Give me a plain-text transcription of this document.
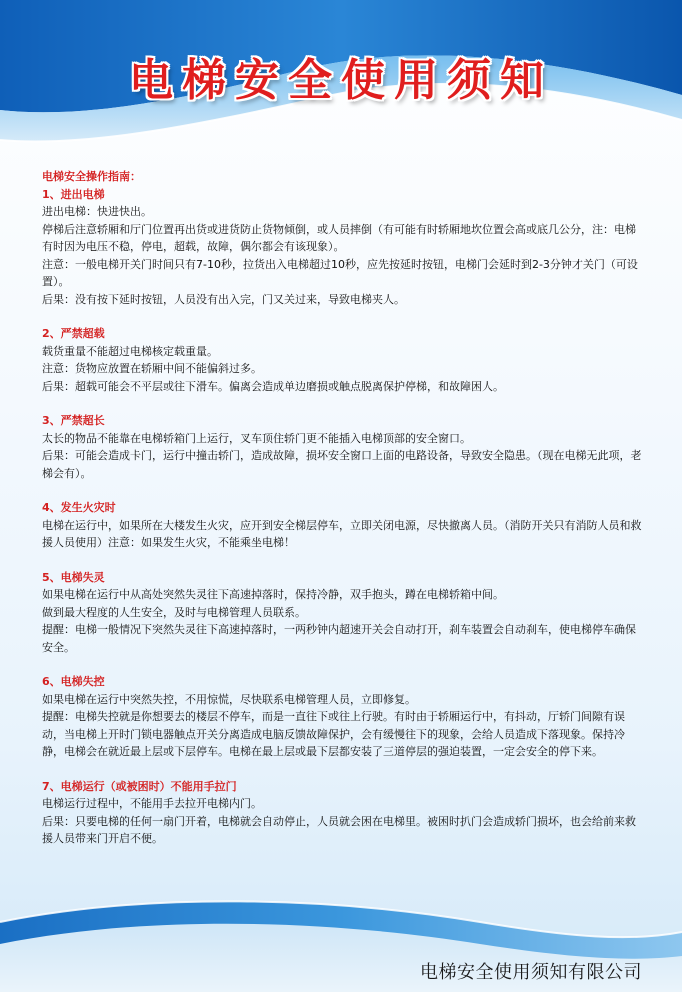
电梯安全使用须知
电梯安全操作指南：
1、进出电梯

进出电梯：快进快出。

停梯后注意轿厢和厅门位置再出货或进货防止货物倾倒，或人员摔倒（有可能有时轿厢地坎位置会高或底几公分，注：电梯有时因为电压不稳，停电，超载，故障，偶尔都会有该现象）。

注意：一般电梯开关门时间只有7-10秒，拉货出入电梯超过10秒，应先按延时按钮，电梯门会延时到2-3分钟才关门（可设置）。

后果：没有按下延时按钮，人员没有出入完，门又关过来，导致电梯夹人。

2、严禁超载

载货重量不能超过电梯核定载重量。

注意：货物应放置在轿厢中间不能偏斜过多。

后果：超载可能会不平层或往下滑车。偏离会造成单边磨损或触点脱离保护停梯，和故障困人。

3、严禁超长

太长的物品不能靠在电梯轿箱门上运行，叉车顶住轿门更不能插入电梯顶部的安全窗口。

后果：可能会造成卡门，运行中撞击轿门，造成故障，损坏安全窗口上面的电路设备，导致安全隐患。（现在电梯无此项，老梯会有）。

4、发生火灾时

电梯在运行中，如果所在大楼发生火灾，应开到安全梯层停车，立即关闭电源，尽快撤离人员。（消防开关只有消防人员和救援人员使用）注意：如果发生火灾，不能乘坐电梯！

5、电梯失灵

如果电梯在运行中从高处突然失灵往下高速掉落时，保持冷静，双手抱头，蹲在电梯轿箱中间。

做到最大程度的人生安全，及时与电梯管理人员联系。

提醒：电梯一般情况下突然失灵往下高速掉落时，一两秒钟内超速开关会自动打开，刹车装置会自动刹车，使电梯停车确保安全。

6、电梯失控

如果电梯在运行中突然失控，不用惊慌，尽快联系电梯管理人员，立即修复。

提醒：电梯失控就是你想要去的楼层不停车，而是一直往下或往上行驶。有时由于轿厢运行中，有抖动，厅轿门间隙有误动，当电梯上开时门锁电器触点开关分离造成电脑反馈故障保护，会有缓慢往下的现象，会给人员造成下落现象。保持冷静，电梯会在就近最上层或下层停车。电梯在最上层或最下层都安装了三道停层的强迫装置，一定会安全的停下来。

7、电梯运行（或被困时）不能用手拉门

电梯运行过程中，不能用手去拉开电梯内门。

后果：只要电梯的任何一扇门开着，电梯就会自动停止，人员就会困在电梯里。被困时扒门会造成轿门损坏，也会给前来救援人员带来门开启不便。

电梯安全使用须知有限公司
